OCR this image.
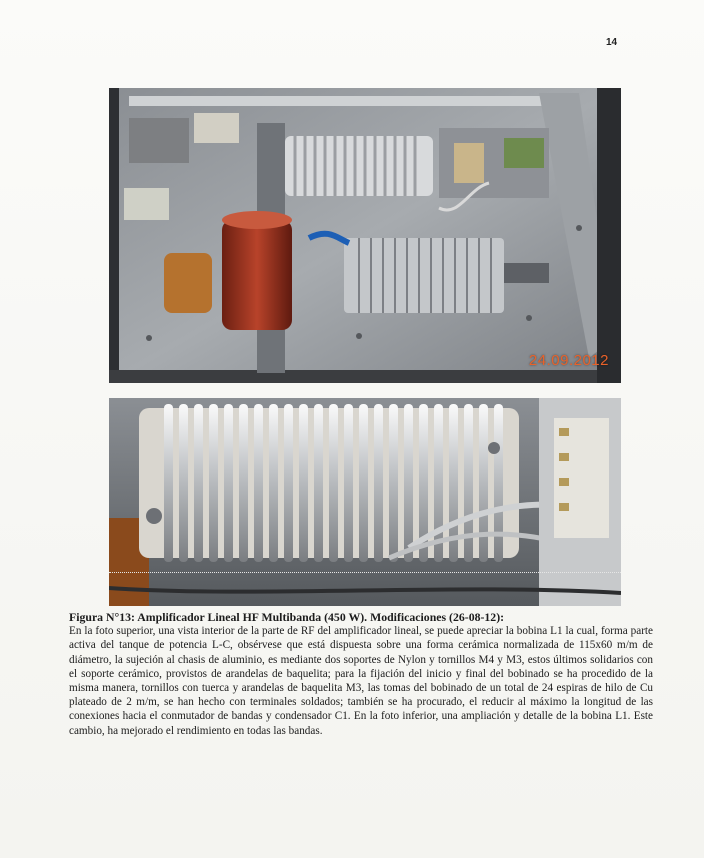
14
24.09.2012
Figura N°13: Amplificador Lineal HF Multibanda (450 W). Modificaciones (26-08-12):
En la foto superior, una vista interior de la parte de RF del amplificador lineal, se puede apreciar la bobina L1 la cual, forma parte activa del tanque de potencia L-C, obsérvese que está dispuesta sobre una forma cerámica normalizada de 115x60 m/m de diámetro, la sujeción al chasis de aluminio, es mediante dos soportes de Nylon y tornillos M4 y M3, estos últimos solidarios con el soporte cerámico, provistos de arandelas de baquelita; para la fijación del inicio y final del bobinado se ha procedido de la misma manera, tornillos con tuerca y arandelas de baquelita M3, las tomas del bobinado de un total de 24 espiras de hilo de Cu plateado de 2 m/m, se han hecho con terminales soldados; también se ha procurado, el reducir al máximo la longitud de las conexiones hacia el conmutador de bandas y condensador C1. En la foto inferior, una ampliación y detalle de la bobina L1. Este cambio, ha mejorado el rendimiento en todas las bandas.
